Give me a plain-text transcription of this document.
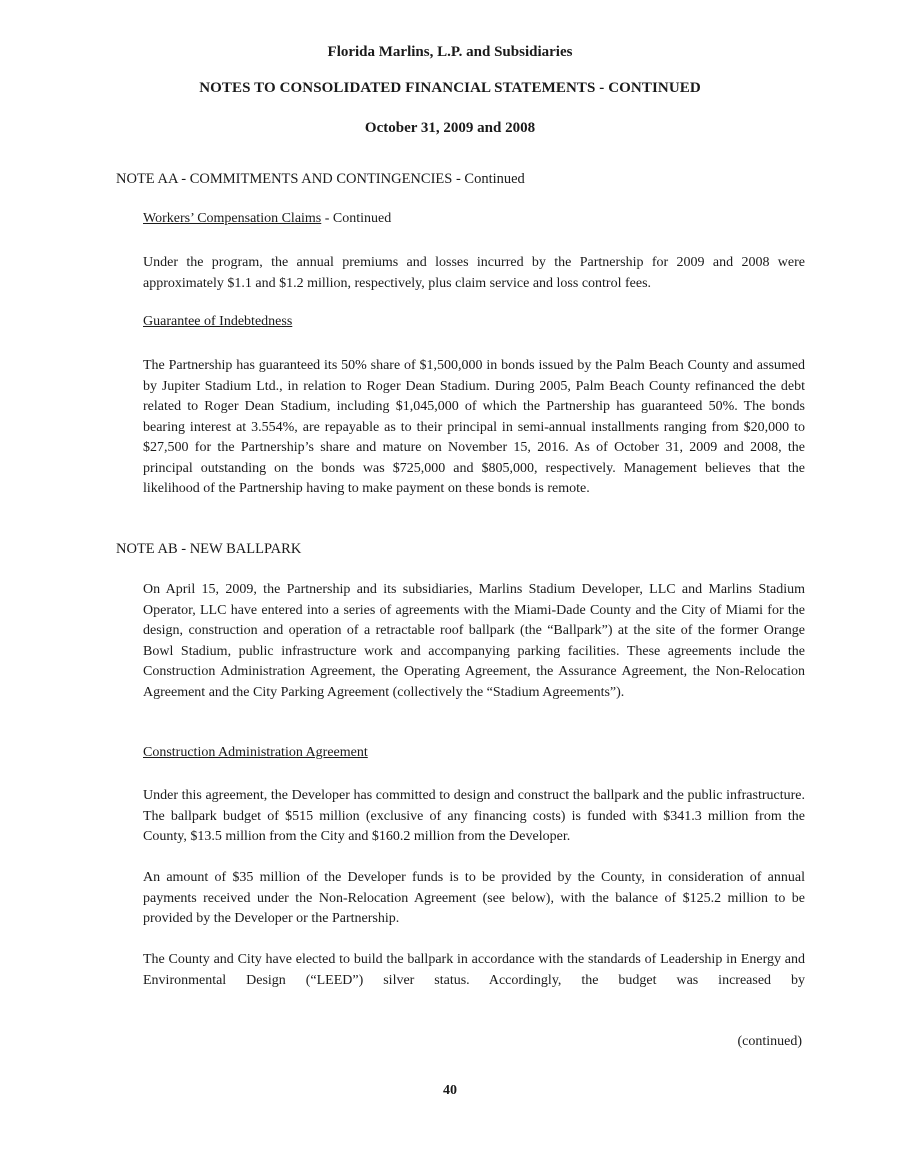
Florida Marlins, L.P. and Subsidiaries
NOTES TO CONSOLIDATED FINANCIAL STATEMENTS - CONTINUED
October 31, 2009 and 2008
NOTE AA - COMMITMENTS AND CONTINGENCIES - Continued
Workers’ Compensation Claims - Continued
Under the program, the annual premiums and losses incurred by the Partnership for 2009 and 2008 were approximately $1.1 and $1.2 million, respectively, plus claim service and loss control fees.
Guarantee of Indebtedness
The Partnership has guaranteed its 50% share of $1,500,000 in bonds issued by the Palm Beach County and assumed by Jupiter Stadium Ltd., in relation to Roger Dean Stadium. During 2005, Palm Beach County refinanced the debt related to Roger Dean Stadium, including $1,045,000 of which the Partnership has guaranteed 50%. The bonds bearing interest at 3.554%, are repayable as to their principal in semi-annual installments ranging from $20,000 to $27,500 for the Partnership’s share and mature on November 15, 2016. As of October 31, 2009 and 2008, the principal outstanding on the bonds was $725,000 and $805,000, respectively. Management believes that the likelihood of the Partnership having to make payment on these bonds is remote.
NOTE AB - NEW BALLPARK
On April 15, 2009, the Partnership and its subsidiaries, Marlins Stadium Developer, LLC and Marlins Stadium Operator, LLC have entered into a series of agreements with the Miami-Dade County and the City of Miami for the design, construction and operation of a retractable roof ballpark (the “Ballpark”) at the site of the former Orange Bowl Stadium, public infrastructure work and accompanying parking facilities. These agreements include the Construction Administration Agreement, the Operating Agreement, the Assurance Agreement, the Non-Relocation Agreement and the City Parking Agreement (collectively the “Stadium Agreements”).
Construction Administration Agreement
Under this agreement, the Developer has committed to design and construct the ballpark and the public infrastructure. The ballpark budget of $515 million (exclusive of any financing costs) is funded with $341.3 million from the County, $13.5 million from the City and $160.2 million from the Developer.
An amount of $35 million of the Developer funds is to be provided by the County, in consideration of annual payments received under the Non-Relocation Agreement (see below), with the balance of $125.2 million to be provided by the Developer or the Partnership.
The County and City have elected to build the ballpark in accordance with the standards of Leadership in Energy and Environmental Design (“LEED”) silver status. Accordingly, the budget was increased by
(continued)
40
